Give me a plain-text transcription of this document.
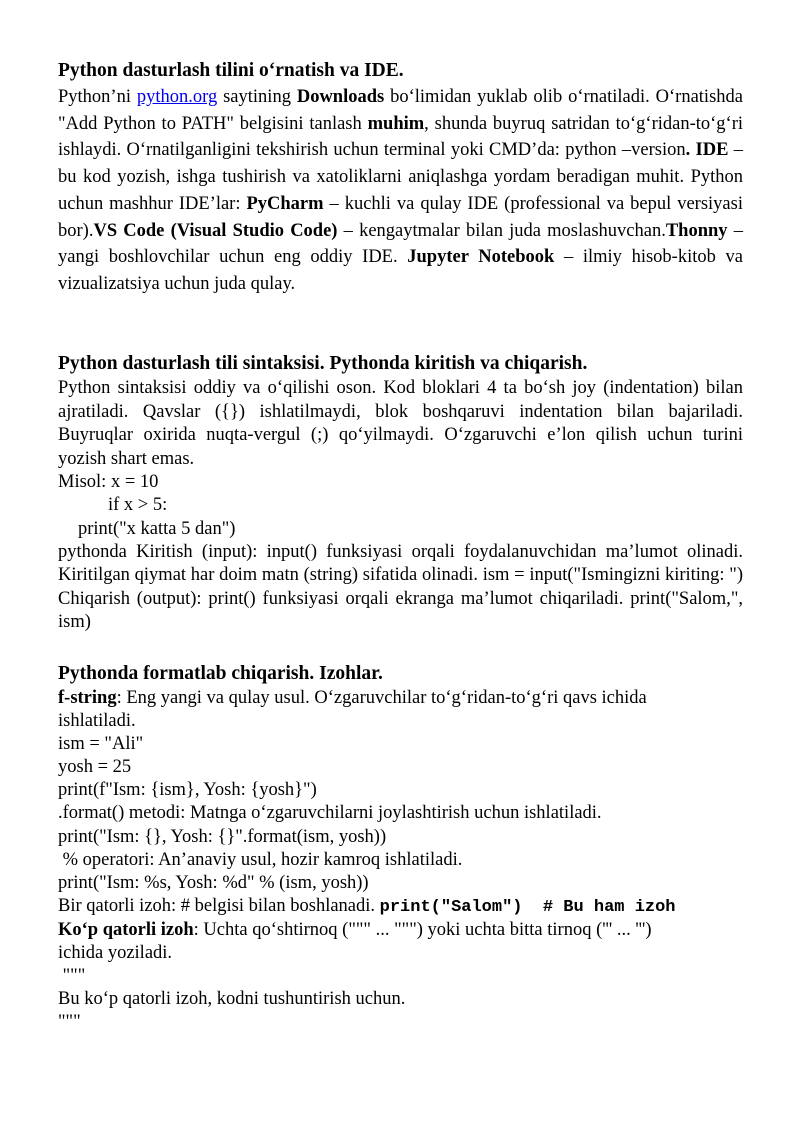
Python dasturlash tilini o‘rnatish va IDE.

Python’ni python.org saytining Downloads bo‘limidan yuklab olib o‘rnatiladi. O‘rnatishda "Add Python to PATH" belgisini tanlash muhim, shunda buyruq satridan to‘g‘ridan-to‘g‘ri ishlaydi. O‘rnatilganligini tekshirish uchun terminal yoki CMD’da: python –version. IDE – bu kod yozish, ishga tushirish va xatoliklarni aniqlashga yordam beradigan muhit. Python uchun mashhur IDE’lar: PyCharm – kuchli va qulay IDE (professional va bepul versiyasi bor).VS Code (Visual Studio Code) – kengaytmalar bilan juda moslashuvchan.Thonny – yangi boshlovchilar uchun eng oddiy IDE. Jupyter Notebook – ilmiy hisob-kitob va vizualizatsiya uchun juda qulay.

Python dasturlash tili sintaksisi. Pythonda kiritish va chiqarish.

Python sintaksisi oddiy va o‘qilishi oson. Kod bloklari 4 ta bo‘sh joy (indentation) bilan ajratiladi. Qavslar ({}) ishlatilmaydi, blok boshqaruvi indentation bilan bajariladi. Buyruqlar oxirida nuqta-vergul (;) qo‘yilmaydi. O‘zgaruvchi e’lon qilish uchun turini yozish shart emas.

Misol: x = 10
if x > 5:
print("x katta 5 dan")

pythonda Kiritish (input): input() funksiyasi orqali foydalanuvchidan ma’lumot olinadi. Kiritilgan qiymat har doim matn (string) sifatida olinadi. ism = input("Ismingizni kiriting: ") Chiqarish (output): print() funksiyasi orqali ekranga ma’lumot chiqariladi. print("Salom,", ism)

Pythonda formatlab chiqarish. Izohlar.
f-string: Eng yangi va qulay usul. O‘zgaruvchilar to‘g‘ridan-to‘g‘ri qavs ichida
ishlatiladi.
ism = "Ali"
yosh = 25
print(f"Ism: {ism}, Yosh: {yosh}")
.format() metodi: Matnga o‘zgaruvchilarni joylashtirish uchun ishlatiladi.
print("Ism: {}, Yosh: {}".format(ism, yosh))
% operatori: An’anaviy usul, hozir kamroq ishlatiladi.
print("Ism: %s, Yosh: %d" % (ism, yosh))
Bir qatorli izoh: # belgisi bilan boshlanadi. print("Salom")  # Bu ham izoh
Ko‘p qatorli izoh: Uchta qo‘shtirnoq (""" ... """) yoki uchta bitta tirnoq (''' ... ''')
ichida yoziladi.
"""
Bu ko‘p qatorli izoh, kodni tushuntirish uchun.
"""
